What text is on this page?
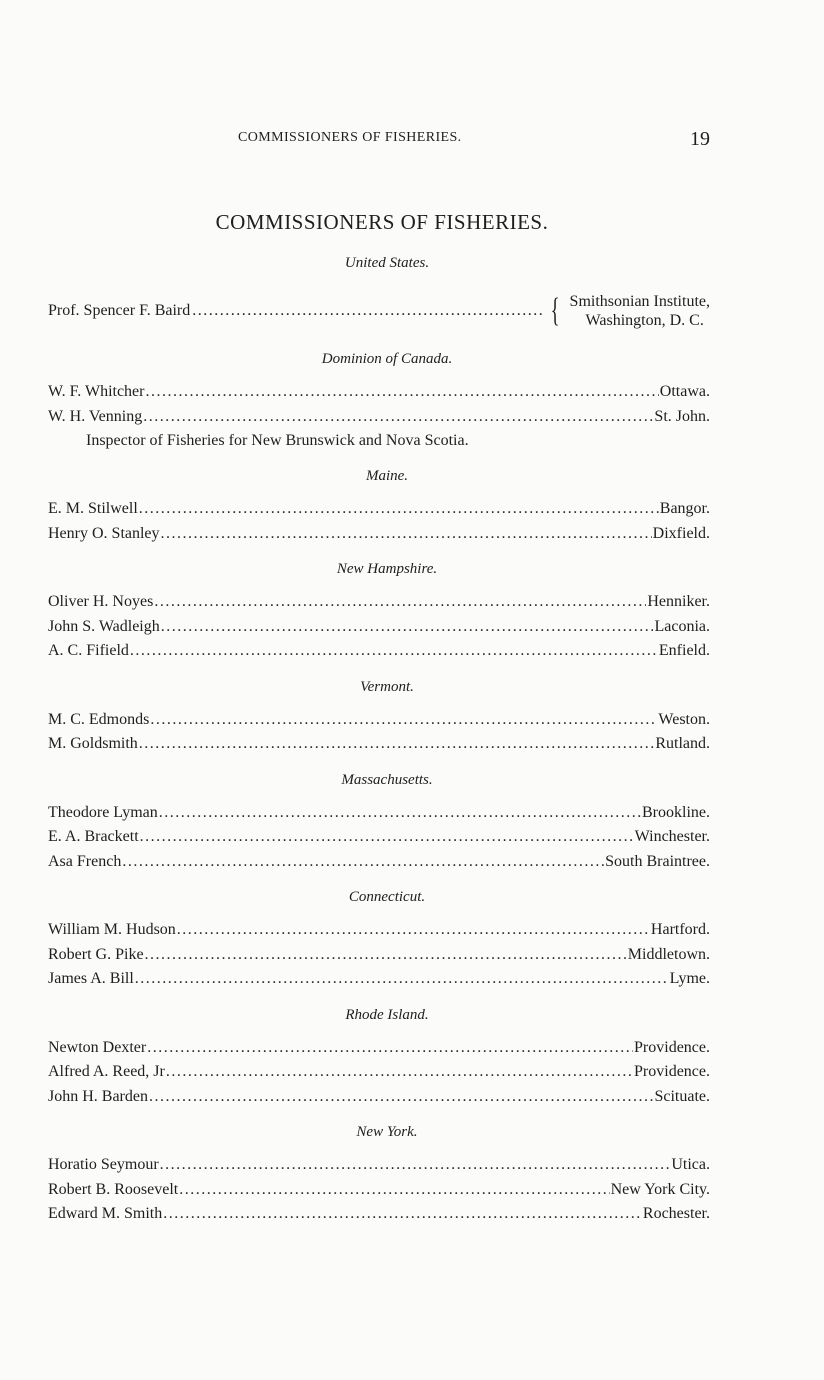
COMMISSIONERS OF FISHERIES.	19
COMMISSIONERS OF FISHERIES.
United States.
Prof. Spencer F. Baird .....	{ Smithsonian Institute,
Washington, D. C.
Dominion of Canada.
W. F. Whitcher .....	Ottawa.
W. H. Venning .....	St. John.
Inspector of Fisheries for New Brunswick and Nova Scotia.
Maine.
E. M. Stilwell .....	Bangor.
Henry O. Stanley .....	Dixfield.
New Hampshire.
Oliver H. Noyes .....	Henniker.
John S. Wadleigh .....	Laconia.
A. C. Fifield .....	Enfield.
Vermont.
M. C. Edmonds .....	Weston.
M. Goldsmith .....	Rutland.
Massachusetts.
Theodore Lyman .....	Brookline.
E. A. Brackett .....	Winchester.
Asa French .....	South Braintree.
Connecticut.
William M. Hudson .....	Hartford.
Robert G. Pike .....	Middletown.
James A. Bill .....	Lyme.
Rhode Island.
Newton Dexter .....	Providence.
Alfred A. Reed, Jr .....	Providence.
John H. Barden .....	Scituate.
New York.
Horatio Seymour .....	Utica.
Robert B. Roosevelt .....	New York City.
Edward M. Smith .....	Rochester.
